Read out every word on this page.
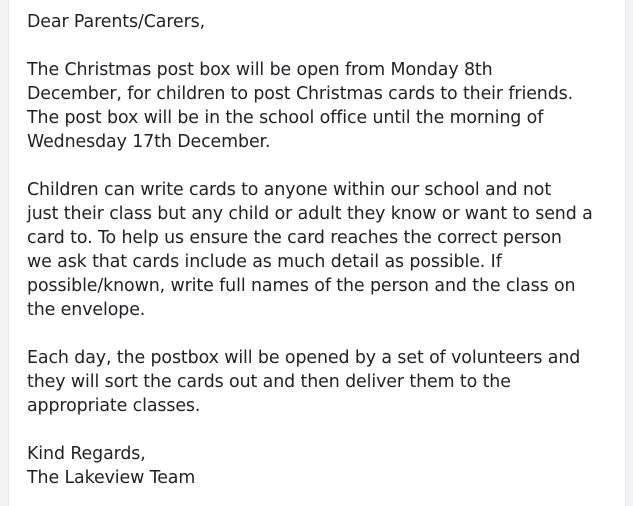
Dear Parents/Carers,

The Christmas post box will be open from Monday 8th
December, for children to post Christmas cards to their friends.
The post box will be in the school office until the morning of
Wednesday 17th December.

Children can write cards to anyone within our school and not
just their class but any child or adult they know or want to send a
card to. To help us ensure the card reaches the correct person
we ask that cards include as much detail as possible. If
possible/known, write full names of the person and the class on
the envelope.

Each day, the postbox will be opened by a set of volunteers and
they will sort the cards out and then deliver them to the
appropriate classes.

Kind Regards,
The Lakeview Team
